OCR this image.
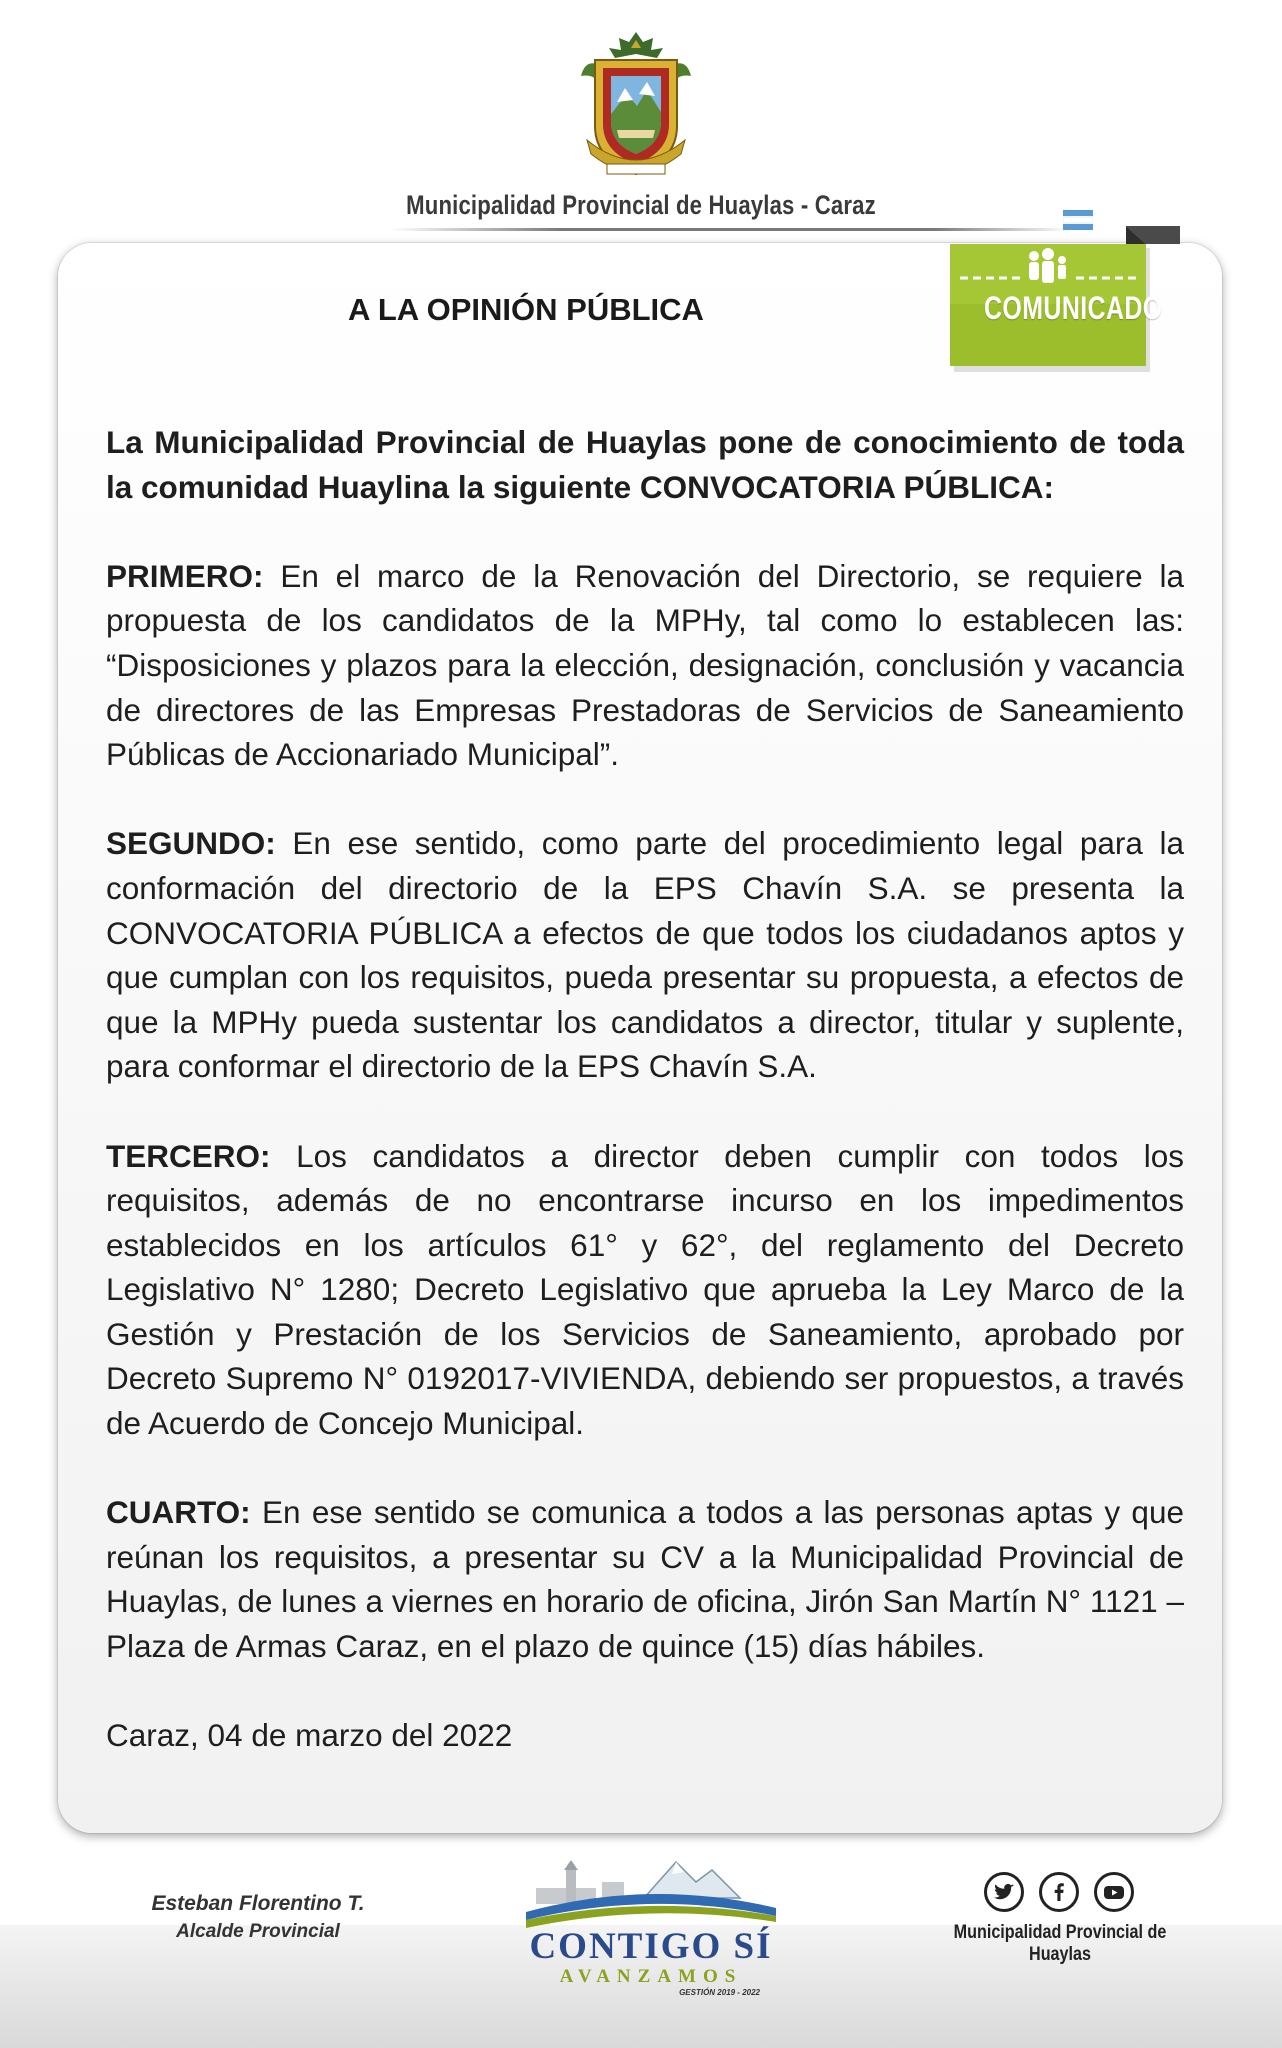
Municipalidad Provincial de Huaylas - Caraz
COMUNICADO
A LA OPINIÓN PÚBLICA

La Municipalidad Provincial de Huaylas pone de conocimiento de toda la comunidad Huaylina la siguiente CONVOCATORIA PÚBLICA:

PRIMERO: En el marco de la Renovación del Directorio, se requiere la propuesta de los candidatos de la MPHy, tal como lo establecen las: “Disposiciones y plazos para la elección, designación, conclusión y vacancia de directores de las Empresas Prestadoras de Servicios de Saneamiento Públicas de Accionariado Municipal”.

SEGUNDO: En ese sentido, como parte del procedimiento legal para la conformación del directorio de la EPS Chavín S.A. se presenta la CONVOCATORIA PÚBLICA a efectos de que todos los ciudadanos aptos y que cumplan con los requisitos, pueda presentar su propuesta, a efectos de que la MPHy pueda sustentar los candidatos a director, titular y suplente, para conformar el directorio de la EPS Chavín S.A.

TERCERO: Los candidatos a director deben cumplir con todos los requisitos, además de no encontrarse incurso en los impedimentos establecidos en los artículos 61° y 62°, del reglamento del Decreto Legislativo N° 1280; Decreto Legislativo que aprueba la Ley Marco de la Gestión y Prestación de los Servicios de Saneamiento, aprobado por Decreto Supremo N° 0192017-VIVIENDA, debiendo ser propuestos, a través de Acuerdo de Concejo Municipal.

CUARTO: En ese sentido se comunica a todos a las personas aptas y que reúnan los requisitos, a presentar su CV a la Municipalidad Provincial de Huaylas, de lunes a viernes en horario de oficina, Jirón San Martín N° 1121 – Plaza de Armas Caraz, en el plazo de quince (15) días hábiles.

Caraz, 04 de marzo del 2022

Esteban Florentino T.
Alcalde Provincial	CONTIGO SÍ
AVANZAMOS
GESTIÓN 2019 - 2022
Municipalidad Provincial de Huaylas
